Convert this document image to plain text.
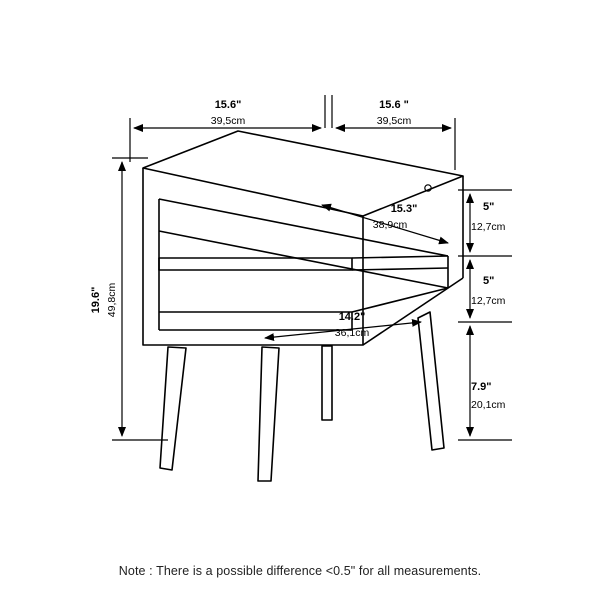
15.6"
39,5cm
15.6 "
39,5cm
19.6" 49,8cm
15.3"
38,9cm
14.2"
36,1cm
5"
12,7cm
5"
12,7cm
7.9"
20,1cm
Note : There is a possible difference <0.5" for all measurements.
